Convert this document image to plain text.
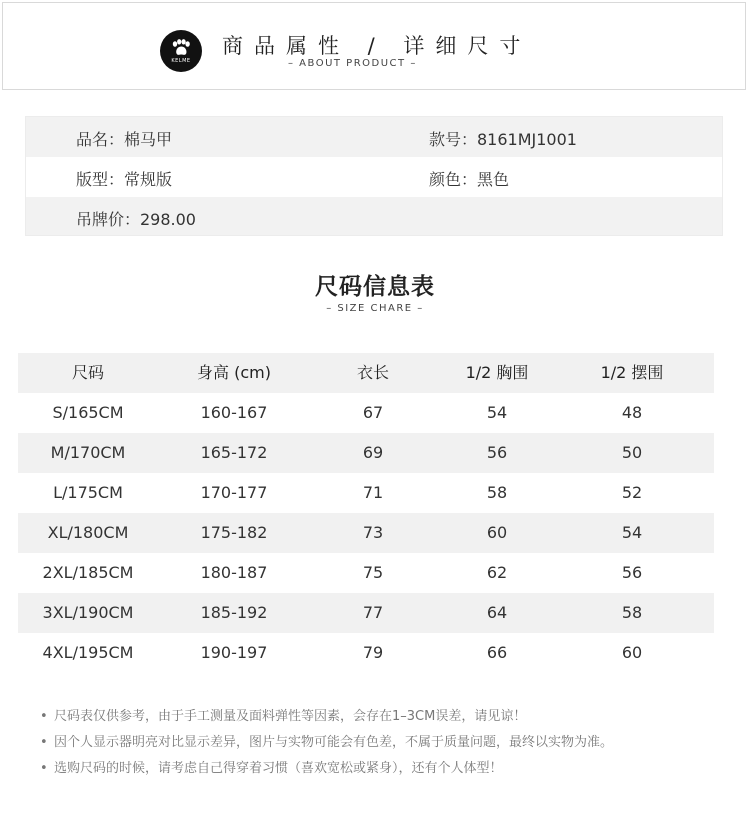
KELME
商品属性 / 详细尺寸
– ABOUT PRODUCT –
品名：棉马甲	款号：8161MJ1001
版型：常规版	颜色：黑色
吊牌价：298.00
尺码信息表
– SIZE CHARE –
尺码	身高 (cm)	衣长	1/2 胸围	1/2 摆围
S/165CM	160-167	67	54	48
M/170CM	165-172	69	56	50
L/175CM	170-177	71	58	52
XL/180CM	175-182	73	60	54
2XL/185CM	180-187	75	62	56
3XL/190CM	185-192	77	64	58
4XL/195CM	190-197	79	66	60
• 尺码表仅供参考，由于手工测量及面料弹性等因素，会存在1–3CM误差，请见谅！
• 因个人显示器明亮对比显示差异，图片与实物可能会有色差，不属于质量问题，最终以实物为准。
• 选购尺码的时候，请考虑自己得穿着习惯（喜欢宽松或紧身），还有个人体型！
